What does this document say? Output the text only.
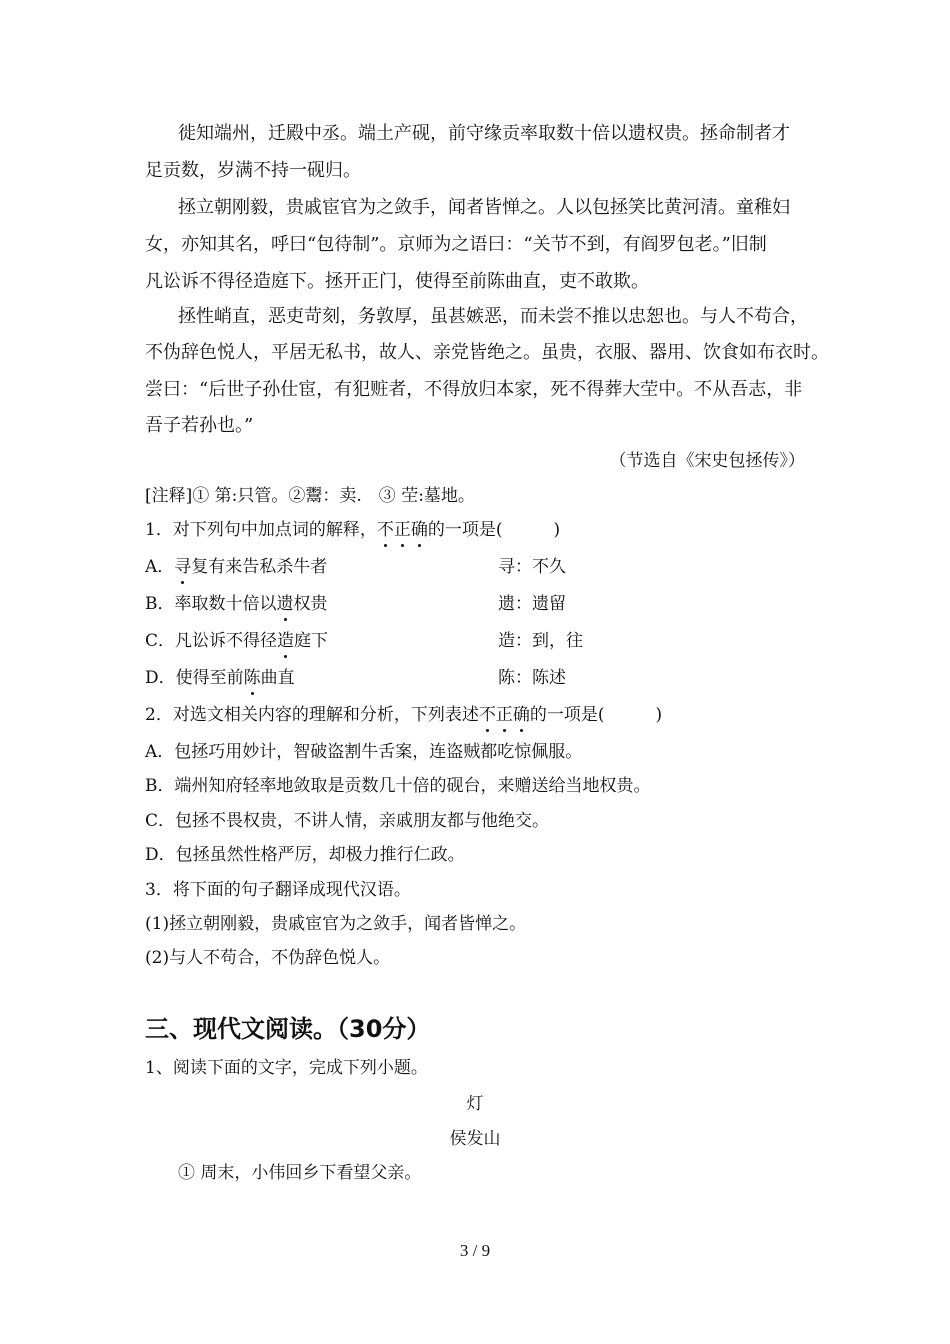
徙知端州，迁殿中丞。端土产砚，前守缘贡率取数十倍以遗权贵。拯命制者才
足贡数，岁满不持一砚归。
拯立朝刚毅，贵戚宦官为之敛手，闻者皆惮之。人以包拯笑比黄河清。童稚妇
女，亦知其名，呼曰“包待制”。京师为之语曰：“关节不到，有阎罗包老。”旧制
凡讼诉不得径造庭下。拯开正门，使得至前陈曲直，吏不敢欺。
拯性峭直，恶吏苛刻，务敦厚，虽甚嫉恶，而未尝不推以忠恕也。与人不苟合，
不伪辞色悦人，平居无私书，故人、亲党皆绝之。虽贵，衣服、器用、饮食如布衣时。
尝曰：“后世子孙仕宦，有犯赃者，不得放归本家，死不得葬大茔中。不从吾志，非
吾子若孙也。”
（节选自《宋史包拯传》）
[注释]① 第:只管。②鬻：卖.　③ 茔:墓地。
1．对下列句中加点词的解释，不正确的一项是(　　　)
A．寻复有来告私杀牛者	寻：不久
B．率取数十倍以遗权贵	遗：遗留
C．凡讼诉不得径造庭下	造：到，往
D．使得至前陈曲直	陈：陈述
2．对选文相关内容的理解和分析，下列表述不正确的一项是(　　　)
A．包拯巧用妙计，智破盗割牛舌案，连盗贼都吃惊佩服。
B．端州知府轻率地敛取是贡数几十倍的砚台，来赠送给当地权贵。
C．包拯不畏权贵，不讲人情，亲戚朋友都与他绝交。
D．包拯虽然性格严厉，却极力推行仁政。
3．将下面的句子翻译成现代汉语。
(1)拯立朝刚毅，贵戚宦官为之敛手，闻者皆惮之。
(2)与人不苟合，不伪辞色悦人。
三、现代文阅读。（30分）
1、阅读下面的文字，完成下列小题。
灯
侯发山
① 周末，小伟回乡下看望父亲。
3 / 9
